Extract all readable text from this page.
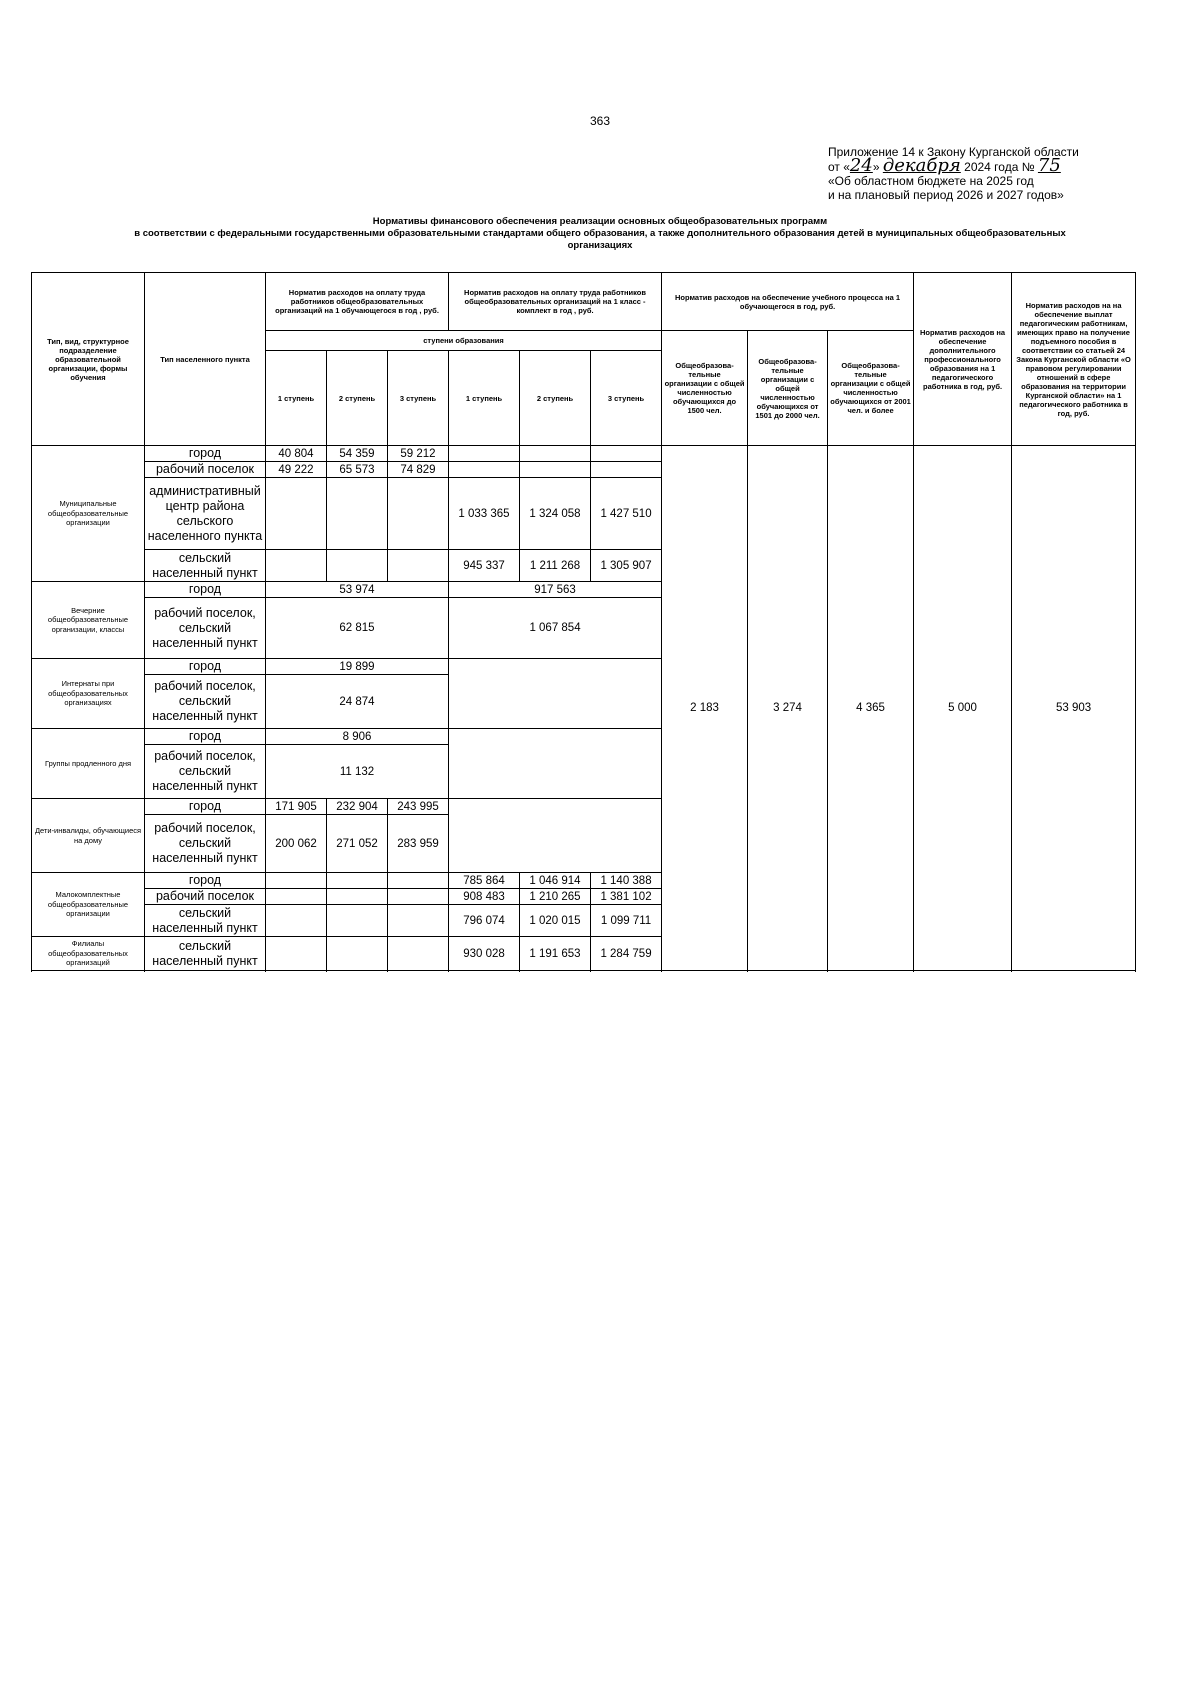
363
Приложение 14 к Закону Курганской области
от «24» декабря 2024 года № 75
«Об областном бюджете на 2025 год
и на плановый период 2026 и 2027 годов»
Нормативы финансового обеспечения реализации основных общеобразовательных программ
в соответствии с федеральными государственными образовательными стандартами общего образования, а также дополнительного образования детей в муниципальных общеобразовательных
организациях
Тип, вид, структурное подразделение образовательной организации, формы обучения	Тип населенного пункта	Норматив расходов на оплату труда работников общеобразовательных организаций на 1 обучающегося в год , руб.			Норматив расходов на оплату труда работников общеобразовательных организаций на 1 класс - комплект в год , руб.			Норматив расходов на обеспечение учебного процесса на 1 обучающегося в год, руб.			Норматив расходов на обеспечение дополнительного профессионального образования на 1 педагогического работника в год, руб.	Норматив расходов на на обеспечение выплат педагогическим работникам, имеющих право на получение подъемного пособия в соответствии со статьей 24 Закона Курганской области «О правовом регулировании отношений в сфере образования на территории Курганской области» на 1 педагогического работника в год, руб.
		ступени образования						Общеобразова-тельные организации с общей численностью обучающихся до 1500 чел.	Общеобразова-тельные организации с общей численностью обучающихся от 1501 до 2000 чел.	Общеобразова-тельные организации с общей численностью обучающихся от 2001 чел. и более		
		1 ступень	2 ступень	3 ступень	1 ступень	2 ступень	3 ступень					
Муниципальные общеобразовательные организации	город	40 804	54 359	59 212				2 183	3 274	4 365	5 000	53 903
	рабочий поселок	49 222	65 573	74 829								
	административный центр района сельского населенного пункта				1 033 365	1 324 058	1 427 510					
	сельский населенный пункт				945 337	1 211 268	1 305 907					
Вечерние общеобразовательные организации, классы	город	53 974			917 563							
	рабочий поселок, сельский населенный пункт	62 815			1 067 854							

Интернаты при общеобразовательных организациях	город	19 899										
	рабочий поселок, сельский населенный пункт	24 874										

Группы продленного дня	город	8 906										
	рабочий поселок, сельский населенный пункт	11 132										

Дети-инвалиды, обучающиеся на дому	город	171 905	232 904	243 995								
	рабочий поселок, сельский населенный пункт	200 062	271 052	283 959								

Малокомплектные общеобразовательные организации	город				785 864	1 046 914	1 140 388					
	рабочий поселок				908 483	1 210 265	1 381 102					
	сельский населенный пункт				796 074	1 020 015	1 099 711					

Филиалы общеобразовательных организаций	сельский населенный пункт				930 028	1 191 653	1 284 759					
